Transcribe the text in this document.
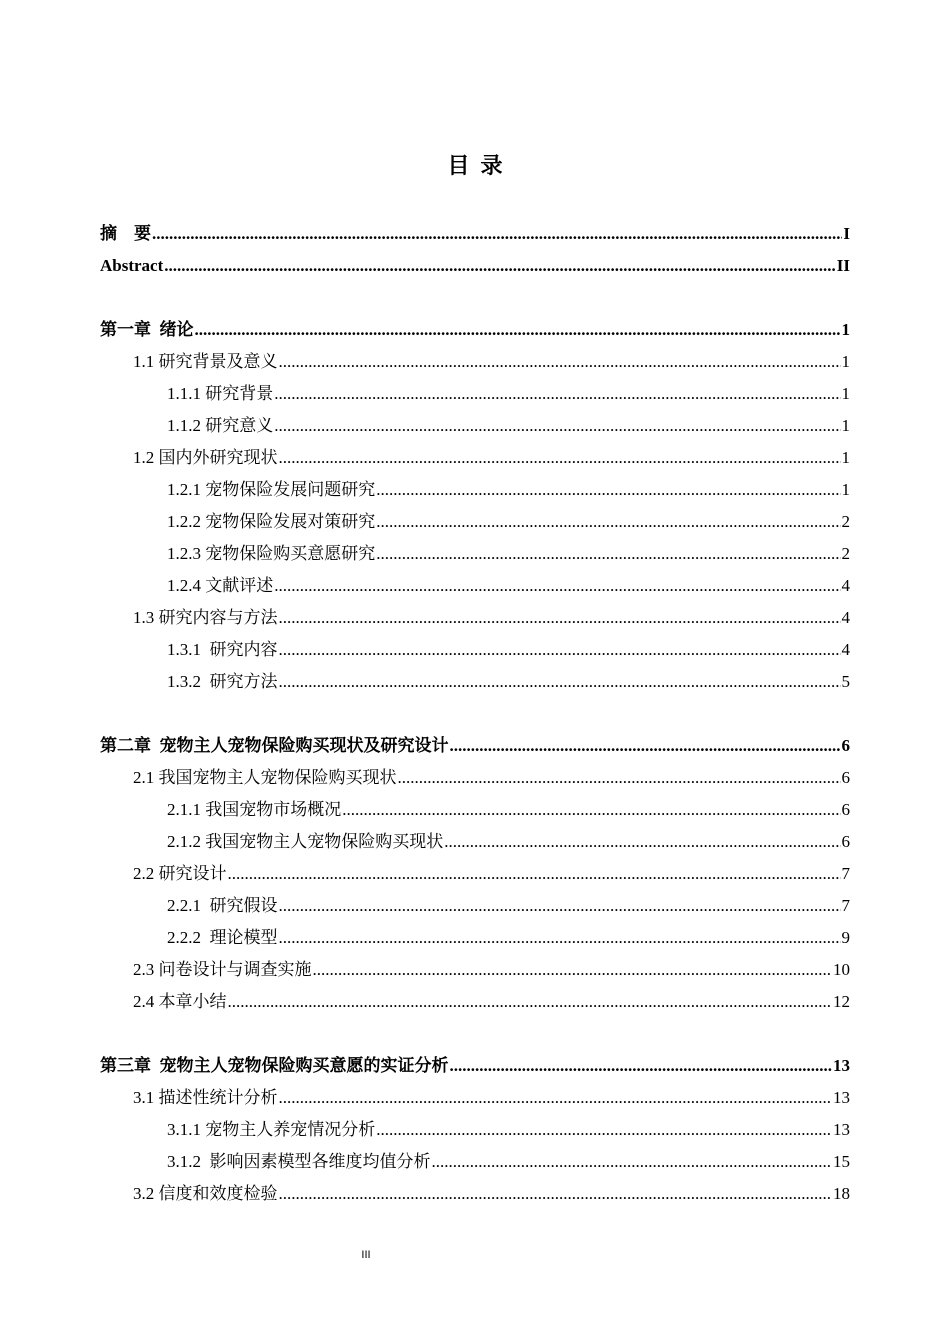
目  录
摘    要 .....	I
Abstract .....	II
第一章  绪论 .....	1
1.1 研究背景及意义 .....	1
1.1.1 研究背景 .....	1
1.1.2 研究意义 .....	1
1.2 国内外研究现状 .....	1
1.2.1 宠物保险发展问题研究 .....	1
1.2.2 宠物保险发展对策研究 .....	2
1.2.3 宠物保险购买意愿研究 .....	2
1.2.4 文献评述 .....	4
1.3 研究内容与方法 .....	4
1.3.1  研究内容 .....	4
1.3.2  研究方法 .....	5
第二章  宠物主人宠物保险购买现状及研究设计 .....	6
2.1 我国宠物主人宠物保险购买现状 .....	6
2.1.1 我国宠物市场概况 .....	6
2.1.2 我国宠物主人宠物保险购买现状 .....	6
2.2 研究设计 .....	7
2.2.1  研究假设 .....	7
2.2.2  理论模型 .....	9
2.3 问卷设计与调查实施 .....	10
2.4 本章小结 .....	12
第三章  宠物主人宠物保险购买意愿的实证分析 .....	13
3.1 描述性统计分析 .....	13
3.1.1 宠物主人养宠情况分析 .....	13
3.1.2  影响因素模型各维度均值分析 .....	15
3.2 信度和效度检验 .....	18
III
